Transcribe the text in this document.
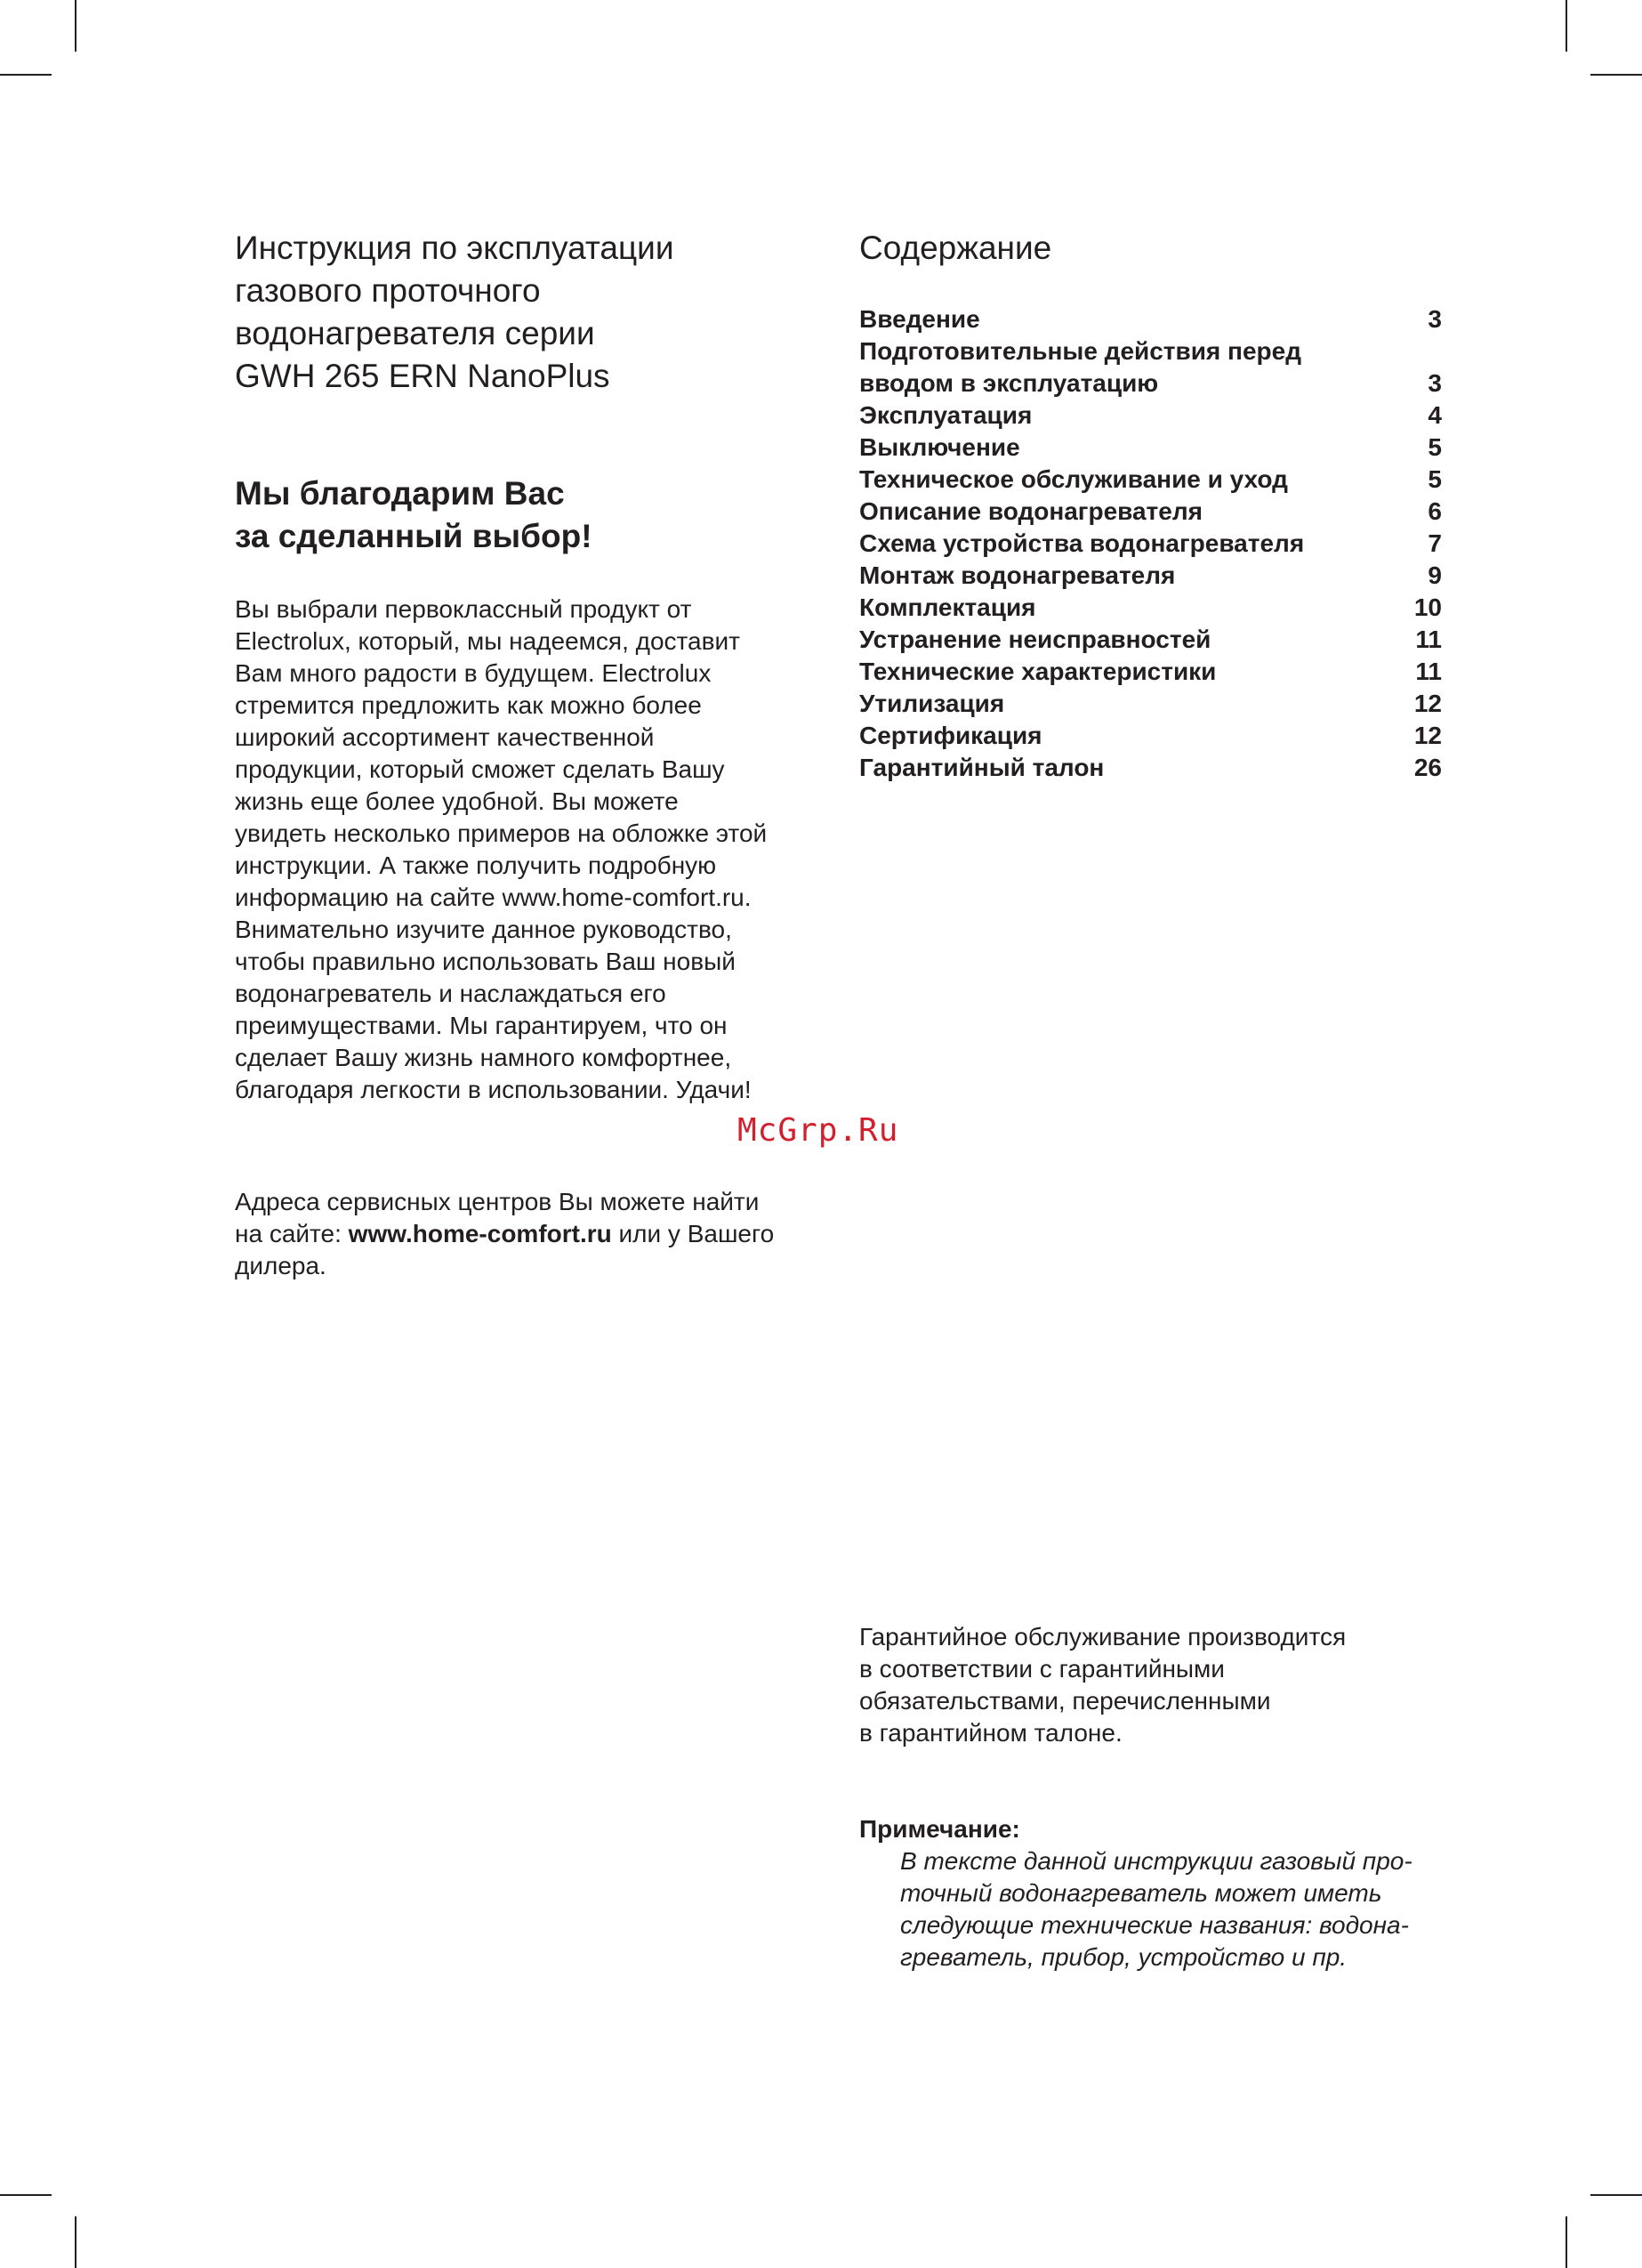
Инструкция по эксплуатации
газового проточного
водонагревателя серии
GWH 265 ERN NanoPlus
Мы благодарим Вас
за сделанный выбор!
Вы выбрали первоклассный продукт от
Electrolux, который, мы надеемся, доставит
Вам много радости в будущем. Electrolux
стремится предложить как можно более
широкий ассортимент качественной
продукции, который сможет сделать Вашу
жизнь еще более удобной. Вы можете
увидеть несколько примеров на обложке этой
инструкции. А также получить подробную
информацию на сайте www.home-comfort.ru.
Внимательно изучите данное руководство,
чтобы правильно использовать Ваш новый
водонагреватель и наслаждаться его
преимуществами. Мы гарантируем, что он
сделает Вашу жизнь намного комфортнее,
благодаря легкости в использовании. Удачи!
Адреса сервисных центров Вы можете найти
на сайте: www.home-comfort.ru или у Вашего
дилера.
Содержание
Введение	3
Подготовительные действия перед
вводом в эксплуатацию	3
Эксплуатация	4
Выключение	5
Техническое обслуживание и уход	5
Описание водонагревателя	6
Схема устройства водонагревателя	7
Монтаж водонагревателя	9
Комплектация	10
Устранение неисправностей	11
Технические характеристики	11
Утилизация	12
Сертификация	12
Гарантийный талон	26
Гарантийное обслуживание производится
в соответствии с гарантийными
обязательствами, перечисленными
в гарантийном талоне.
Примечание:
В тексте данной инструкции газовый про-
точный водонагреватель может иметь
следующие технические названия: водона-
греватель, прибор, устройство и пр.
McGrp.Ru
